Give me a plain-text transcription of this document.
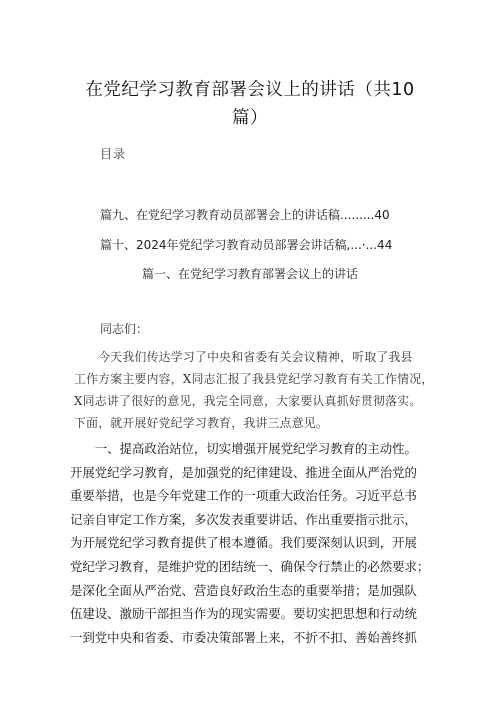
在党纪学习教育部署会议上的讲话（共10
篇）
目录
篇九、在党纪学习教育动员部署会上的讲话稿.........40
篇十、2024年党纪学习教育动员部署会讲话稿,...·...44
篇一、在党纪学习教育部署会议上的讲话
同志们：
　　今天我们传达学习了中央和省委有关会议精神，听取了我县
工作方案主要内容，X同志汇报了我县党纪学习教育有关工作情况，
X同志讲了很好的意见，我完全同意，大家要认真抓好贯彻落实。
下面，就开展好党纪学习教育，我讲三点意见。
　　一、提高政治站位，切实增强开展党纪学习教育的主动性。
开展党纪学习教育，是加强党的纪律建设、推进全面从严治党的
重要举措，也是今年党建工作的一项重大政治任务。习近平总书
记亲自审定工作方案，多次发表重要讲话、作出重要指示批示，
为开展党纪学习教育提供了根本遵循。我们要深刻认识到，开展
党纪学习教育，是维护党的团结统一、确保令行禁止的必然要求；
是深化全面从严治党、营造良好政治生态的重要举措；是加强队
伍建设、激励干部担当作为的现实需要。要切实把思想和行动统
一到党中央和省委、市委决策部署上来，不折不扣、善始善终抓
